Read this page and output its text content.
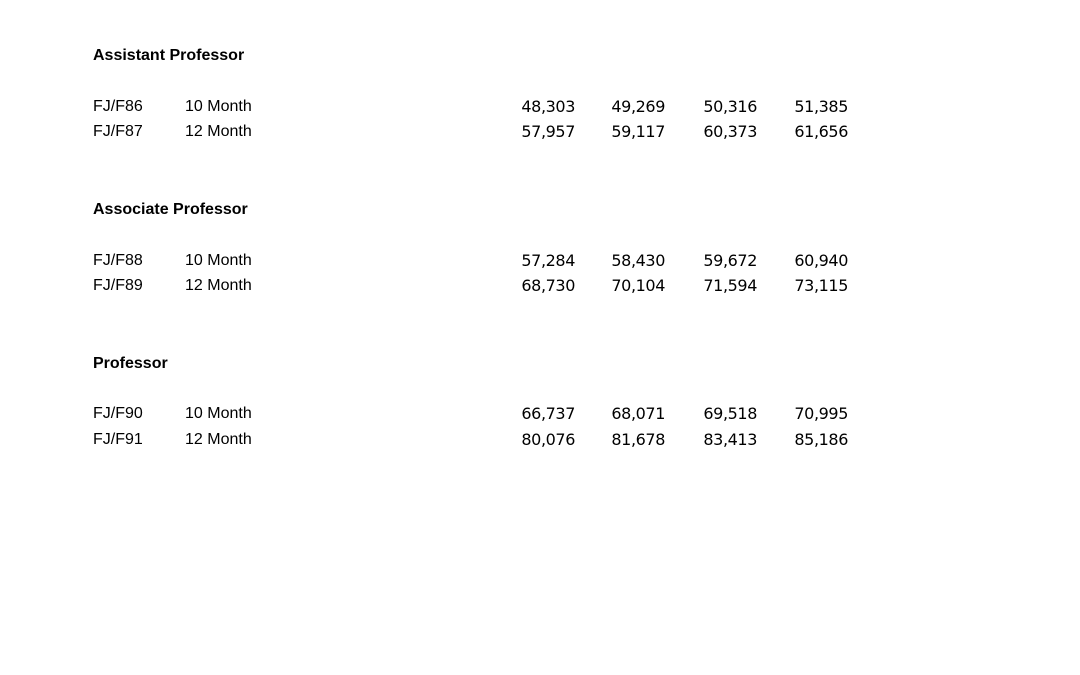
Assistant Professor
FJ/F86	10 Month	48,303	49,269	50,316	51,385
FJ/F87	12 Month	57,957	59,117	60,373	61,656
Associate Professor
FJ/F88	10 Month	57,284	58,430	59,672	60,940
FJ/F89	12 Month	68,730	70,104	71,594	73,115
Professor
FJ/F90	10 Month	66,737	68,071	69,518	70,995
FJ/F91	12 Month	80,076	81,678	83,413	85,186
